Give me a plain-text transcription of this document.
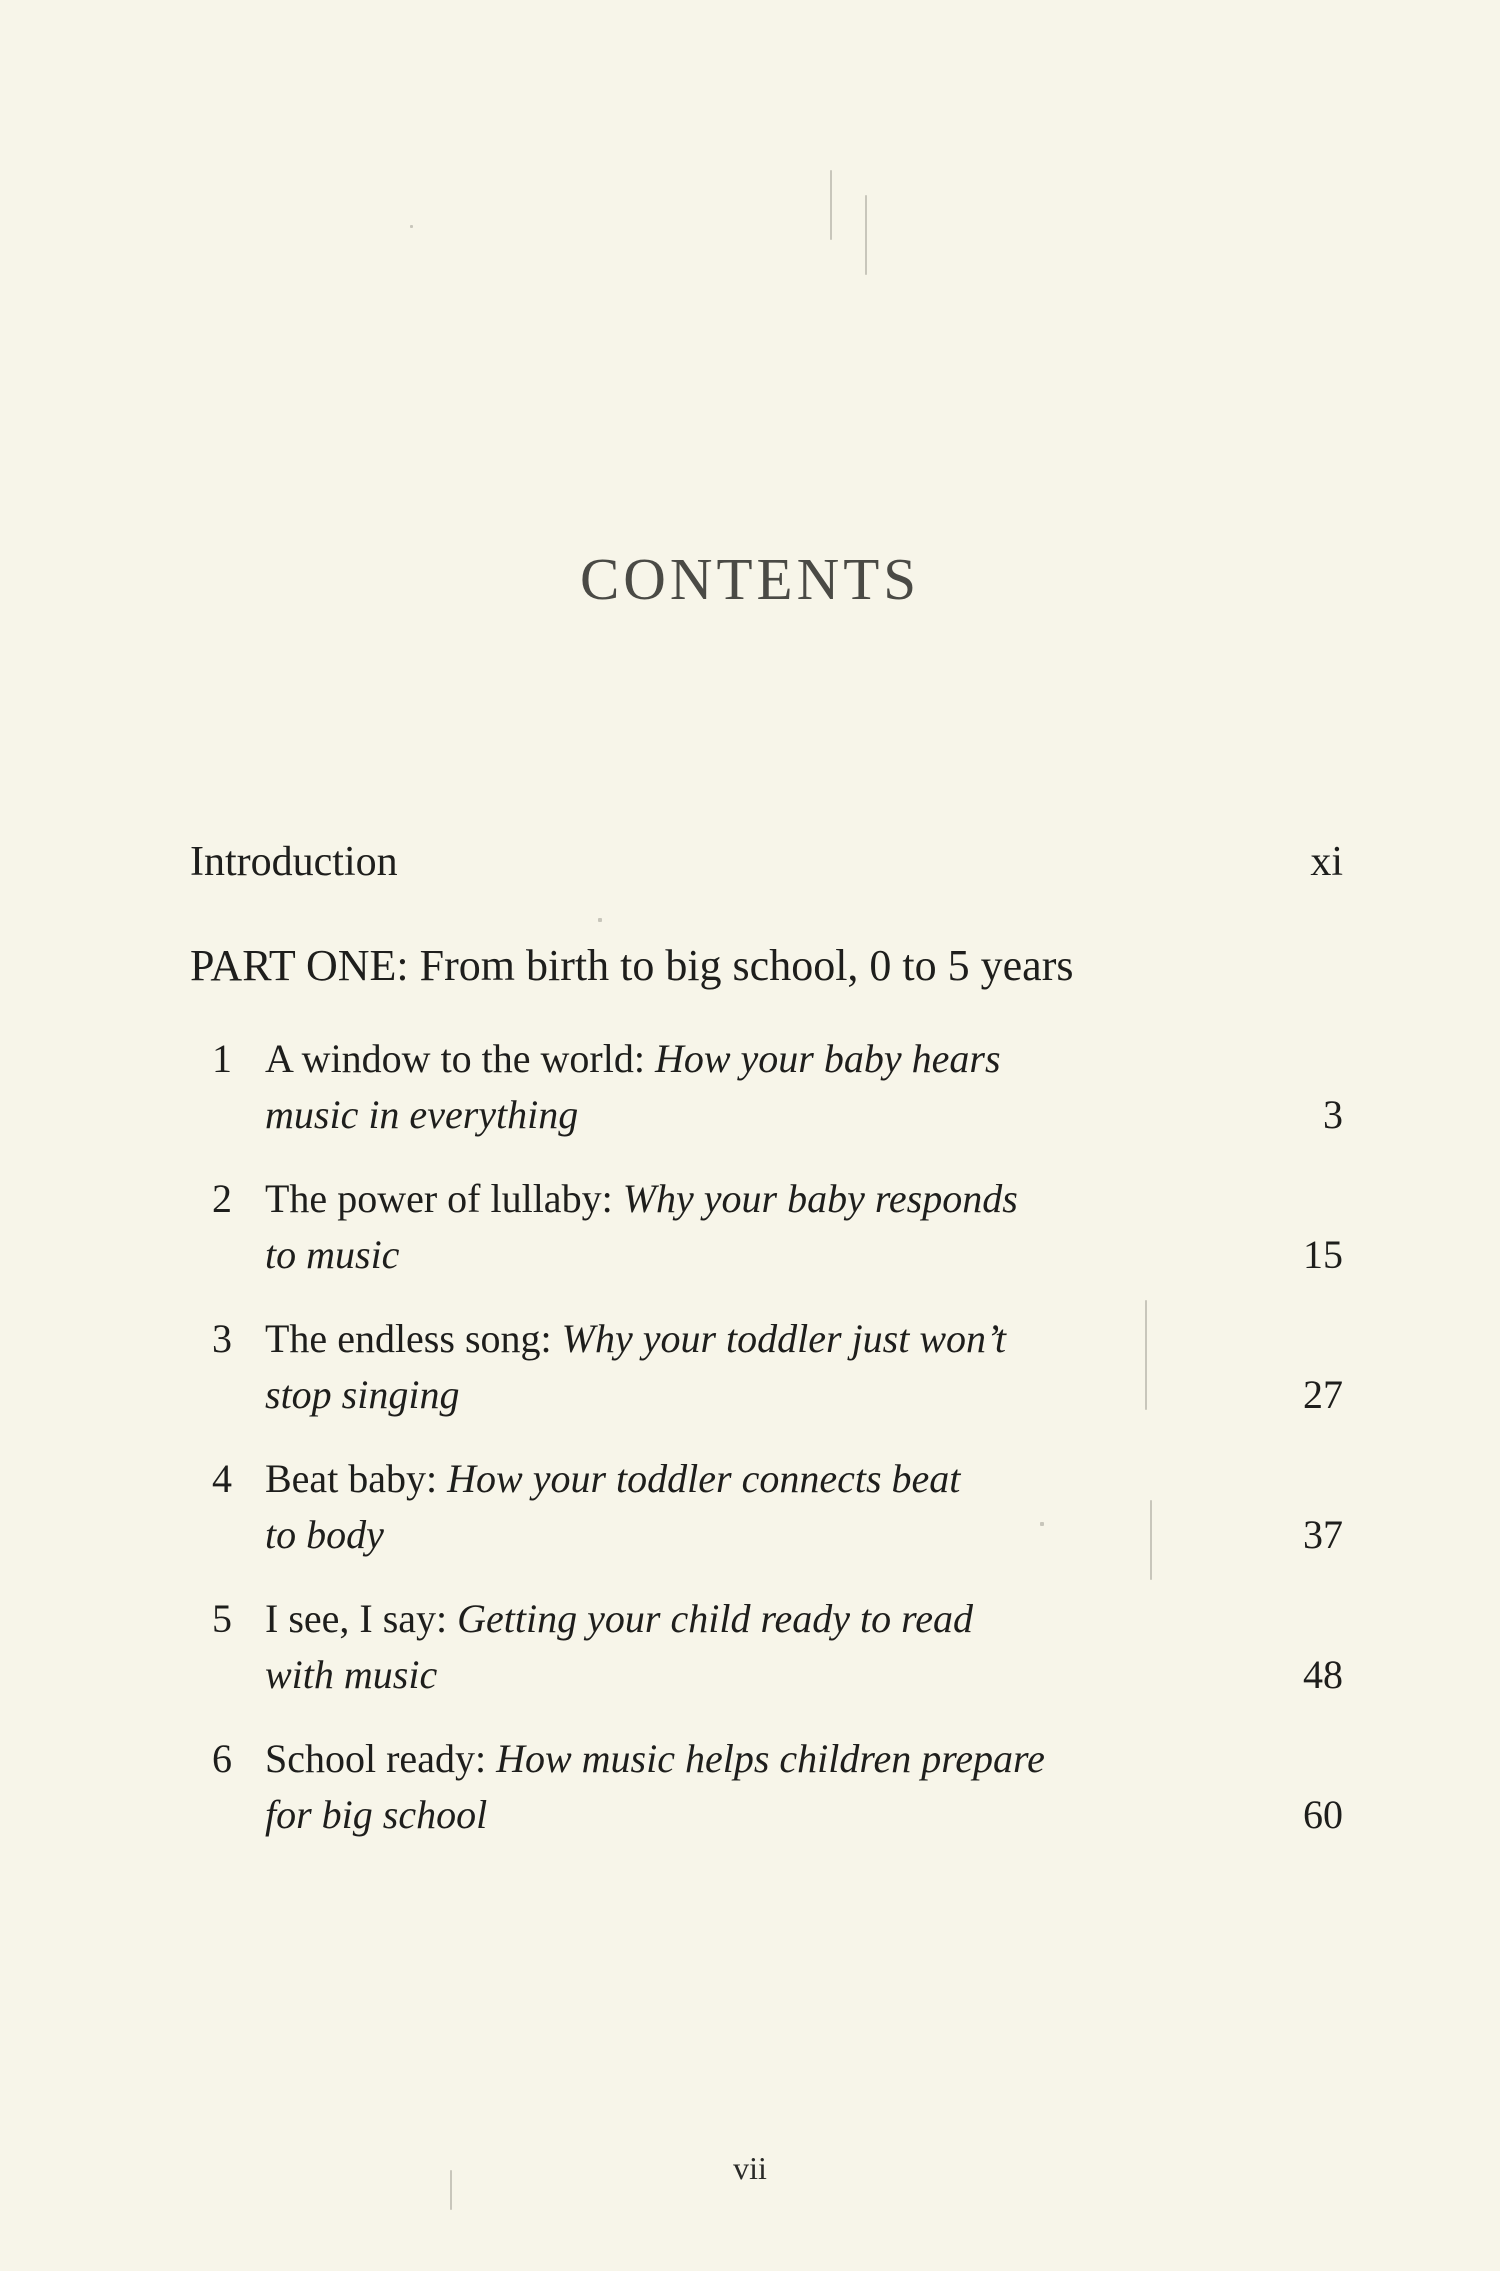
CONTENTS
Introduction	xi
PART ONE: From birth to big school, 0 to 5 years
1 A window to the world: How your baby hears
music in everything	3
2 The power of lullaby: Why your baby responds
to music	15
3 The endless song: Why your toddler just won’t
stop singing	27
4 Beat baby: How your toddler connects beat
to body	37
5 I see, I say: Getting your child ready to read
with music	48
6 School ready: How music helps children prepare
for big school	60
vii
